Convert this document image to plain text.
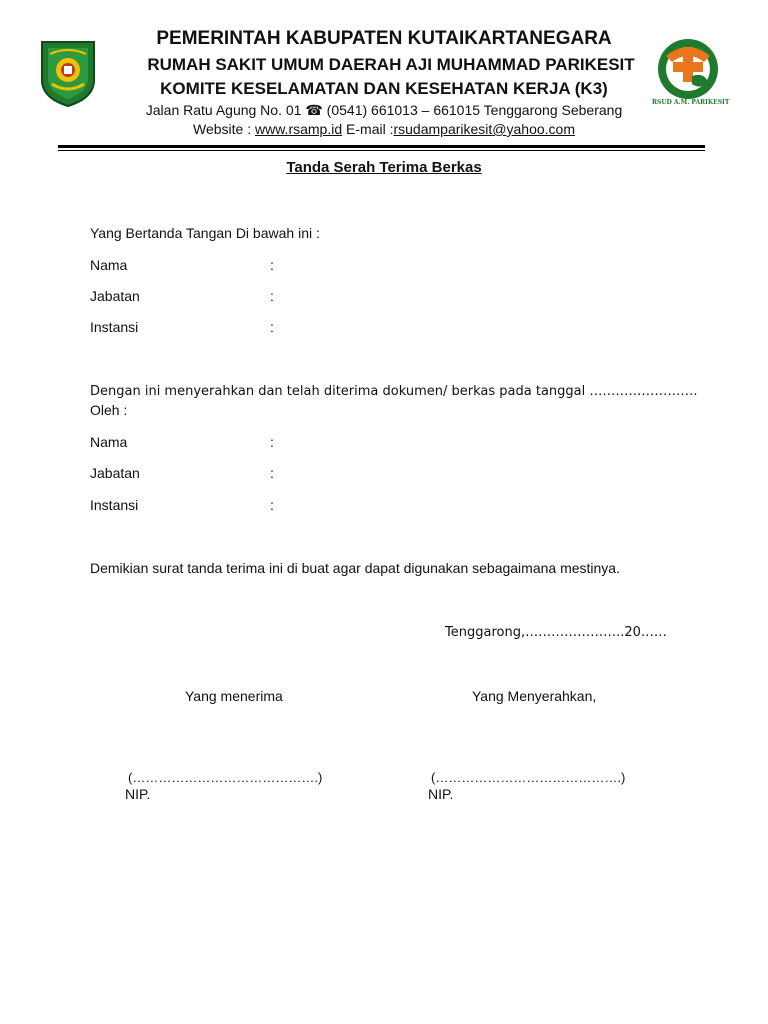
RSUD A.M. PARIKESIT
PEMERINTAH KABUPATEN KUTAIKARTANEGARA
RUMAH SAKIT UMUM DAERAH AJI MUHAMMAD PARIKESIT
KOMITE KESELAMATAN DAN KESEHATAN KERJA (K3)
Jalan Ratu Agung No. 01 ☎ (0541) 661013 – 661015 Tenggarong Seberang
Website : www.rsamp.id E-mail :rsudamparikesit@yahoo.com
Tanda Serah Terima Berkas
Yang Bertanda Tangan Di bawah ini :
Nama	:
Jabatan	:
Instansi	:
Dengan ini menyerahkan dan telah diterima dokumen/ berkas pada tanggal …………………….
Oleh :
Nama	:
Jabatan	:
Instansi	:
Demikian surat tanda terima ini di buat agar dapat digunakan sebagaimana mestinya.
Tenggarong,…………………..20……
Yang menerima	Yang Menyerahkan,
(…………………………………….)	(…………………………………….)
NIP.	NIP.
